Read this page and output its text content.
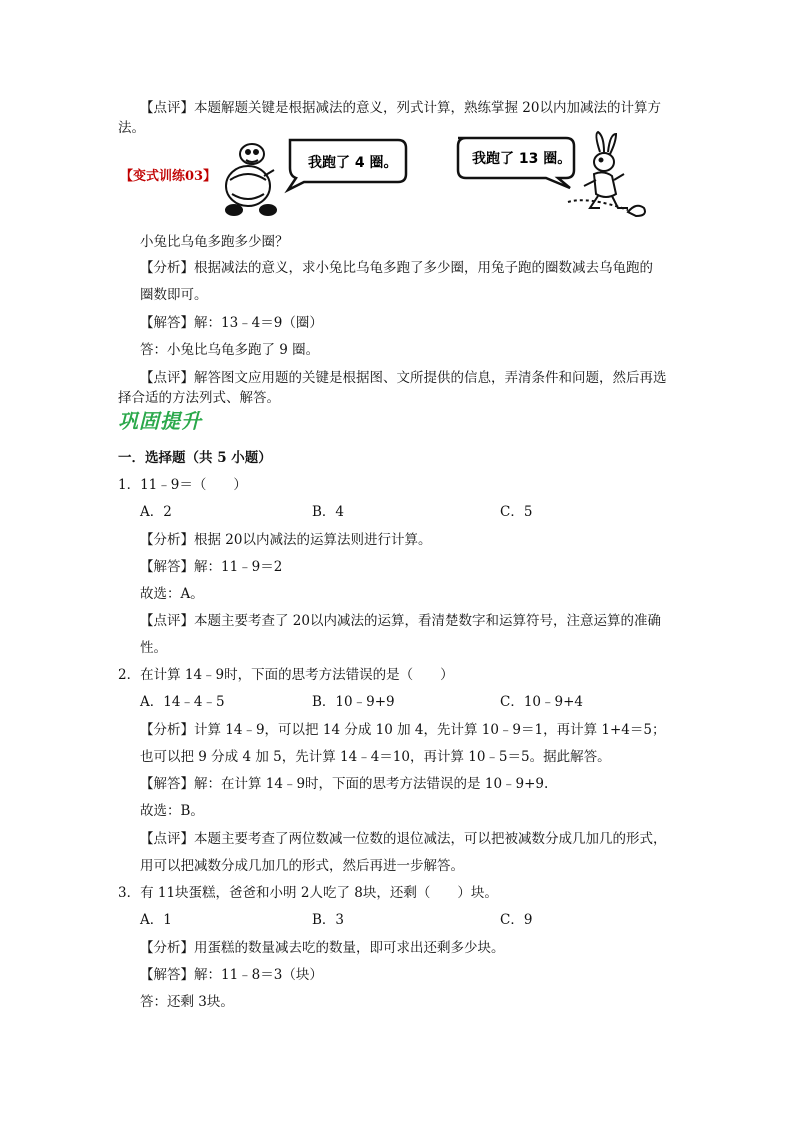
【点评】本题解题关键是根据减法的意义，列式计算，熟练掌握 20以内加减法的计算方
法。
【变式训练03】
我跑了 4 圈。	我跑了 13 圈。
小兔比乌龟多跑多少圈？
【分析】根据减法的意义，求小兔比乌龟多跑了多少圈，用兔子跑的圈数减去乌龟跑的
圈数即可。
【解答】解：13﹣4＝9（圈）
答：小兔比乌龟多跑了 9 圈。
【点评】解答图文应用题的关键是根据图、文所提供的信息，弄清条件和问题，然后再选
择合适的方法列式、解答。
巩固提升
一．选择题（共 5 小题）
1．11﹣9＝（　　）
A．2	B．4	C．5
【分析】根据 20以内减法的运算法则进行计算。
【解答】解：11﹣9＝2
故选：A。
【点评】本题主要考查了 20以内减法的运算，看清楚数字和运算符号，注意运算的准确
性。
2．在计算 14﹣9时，下面的思考方法错误的是（　　）
A．14﹣4﹣5	B．10﹣9+9	C．10﹣9+4
【分析】计算 14﹣9，可以把 14 分成 10 加 4，先计算 10﹣9＝1，再计算 1+4＝5；
也可以把 9 分成 4 加 5，先计算 14﹣4＝10，再计算 10﹣5＝5。据此解答。
【解答】解：在计算 14﹣9时，下面的思考方法错误的是 10﹣9+9.
故选：B。
【点评】本题主要考查了两位数减一位数的退位减法，可以把被减数分成几加几的形式，
用可以把减数分成几加几的形式，然后再进一步解答。
3．有 11块蛋糕，爸爸和小明 2人吃了 8块，还剩（　　）块。
A．1	B．3	C．9
【分析】用蛋糕的数量减去吃的数量，即可求出还剩多少块。
【解答】解：11﹣8＝3（块）
答：还剩 3块。
